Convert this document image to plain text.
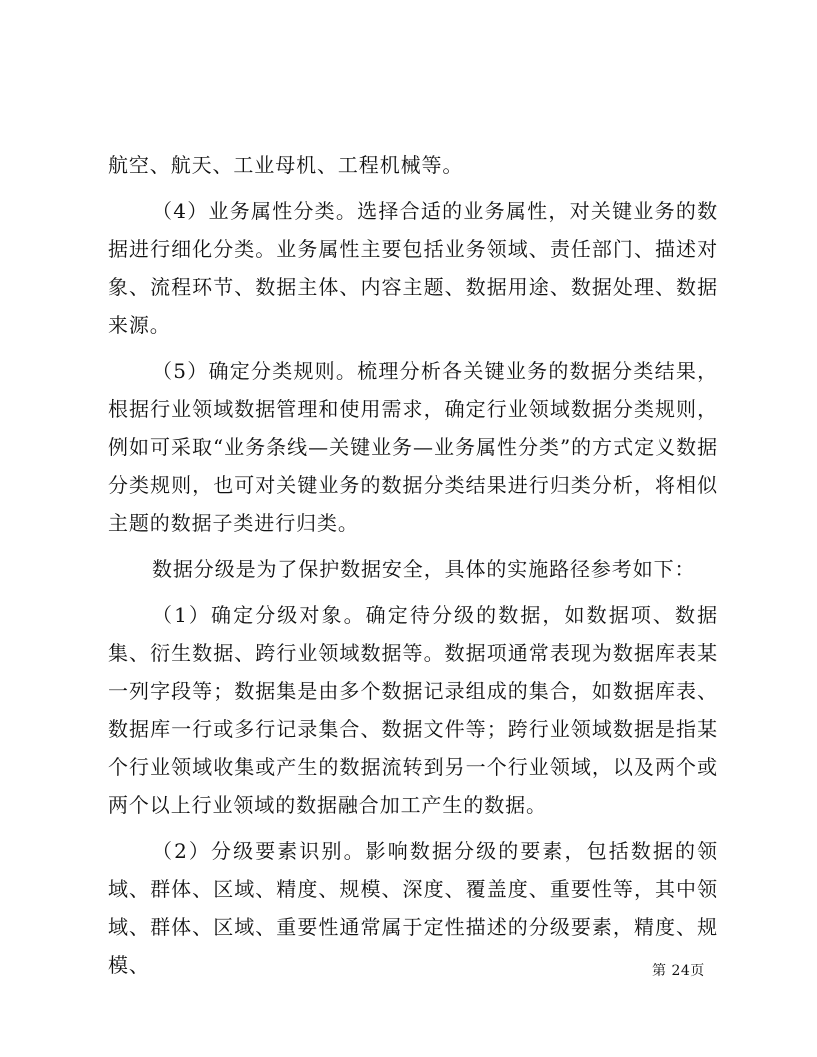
航空、航天、工业母机、工程机械等。

（4）业务属性分类。选择合适的业务属性，对关键业务的数据进行细化分类。业务属性主要包括业务领域、责任部门、描述对象、流程环节、数据主体、内容主题、数据用途、数据处理、数据来源。

（5）确定分类规则。梳理分析各关键业务的数据分类结果，根据行业领域数据管理和使用需求，确定行业领域数据分类规则，例如可采取“业务条线—关键业务—业务属性分类”的方式定义数据分类规则，也可对关键业务的数据分类结果进行归类分析，将相似主题的数据子类进行归类。

数据分级是为了保护数据安全，具体的实施路径参考如下：

（1）确定分级对象。确定待分级的数据，如数据项、数据集、衍生数据、跨行业领域数据等。数据项通常表现为数据库表某一列字段等；数据集是由多个数据记录组成的集合，如数据库表、数据库一行或多行记录集合、数据文件等；跨行业领域数据是指某个行业领域收集或产生的数据流转到另一个行业领域，以及两个或两个以上行业领域的数据融合加工产生的数据。

（2）分级要素识别。影响数据分级的要素，包括数据的领域、群体、区域、精度、规模、深度、覆盖度、重要性等，其中领域、群体、区域、重要性通常属于定性描述的分级要素，精度、规模、	第 24页
